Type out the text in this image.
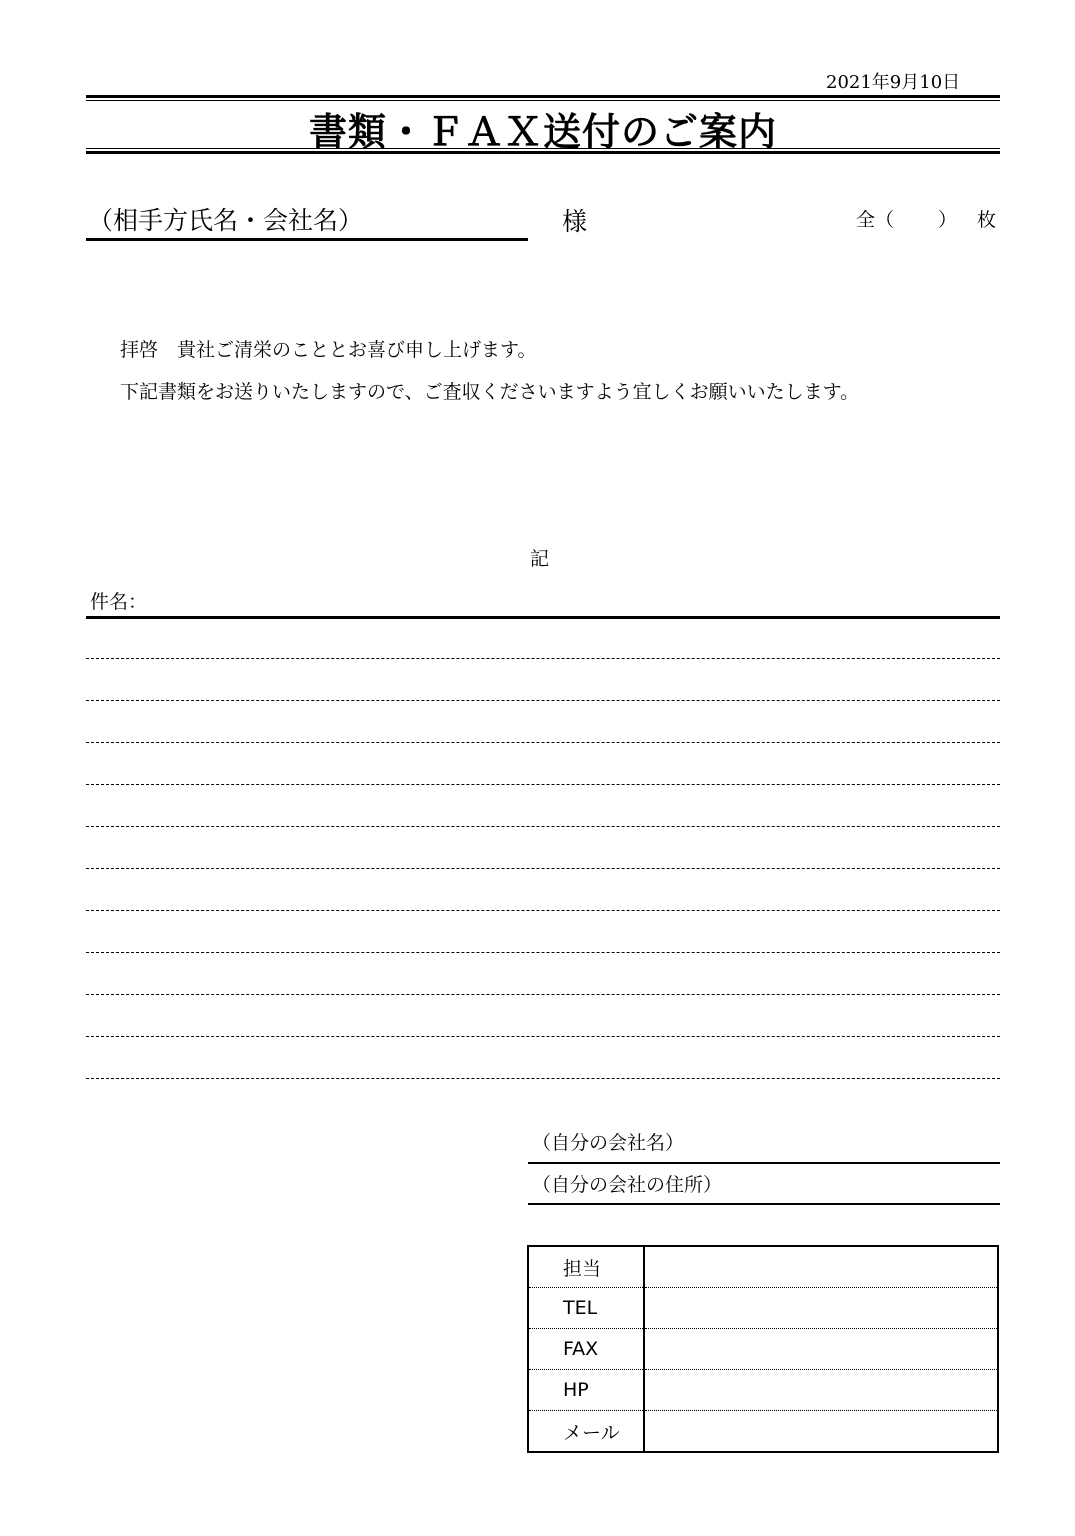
2021年9月10日
書類・ＦＡＸ送付のご案内
（相手方氏名・会社名）	様	全（ ） 枚
拝啓　貴社ご清栄のこととお喜び申し上げます。
下記書類をお送りいたしますので、ご査収くださいますよう宜しくお願いいたします。
記
件名：
（自分の会社名）
（自分の会社の住所）
担当	
TEL	
FAX	
HP	
メール	
